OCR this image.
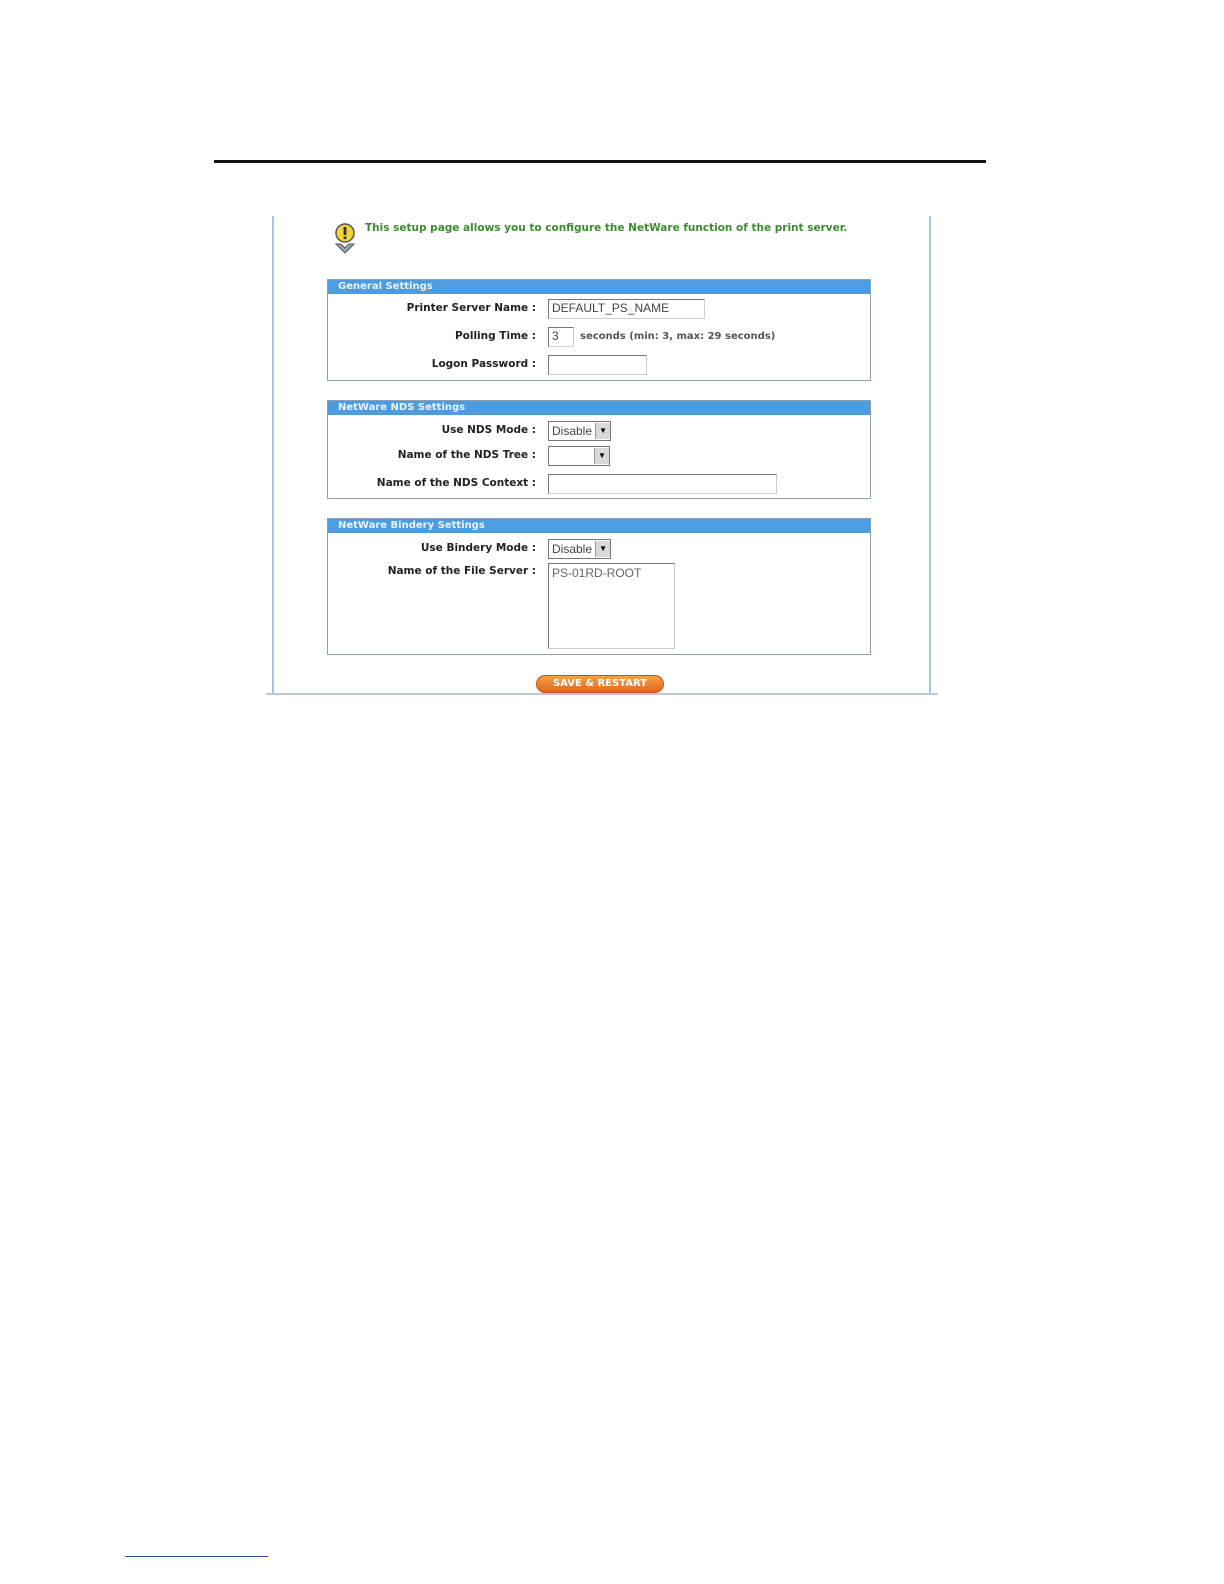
This setup page allows you to configure the NetWare function of the print server.
General Settings
Printer Server Name :	DEFAULT_PS_NAME
Polling Time :	3 seconds (min: 3, max: 29 seconds)
Logon Password :
NetWare NDS Settings
Use NDS Mode : Disable ▼
Name of the NDS Tree :	▼
Name of the NDS Context :
NetWare Bindery Settings
Use Bindery Mode : Disable ▼
Name of the File Server : PS-01RD-ROOT
SAVE & RESTART
